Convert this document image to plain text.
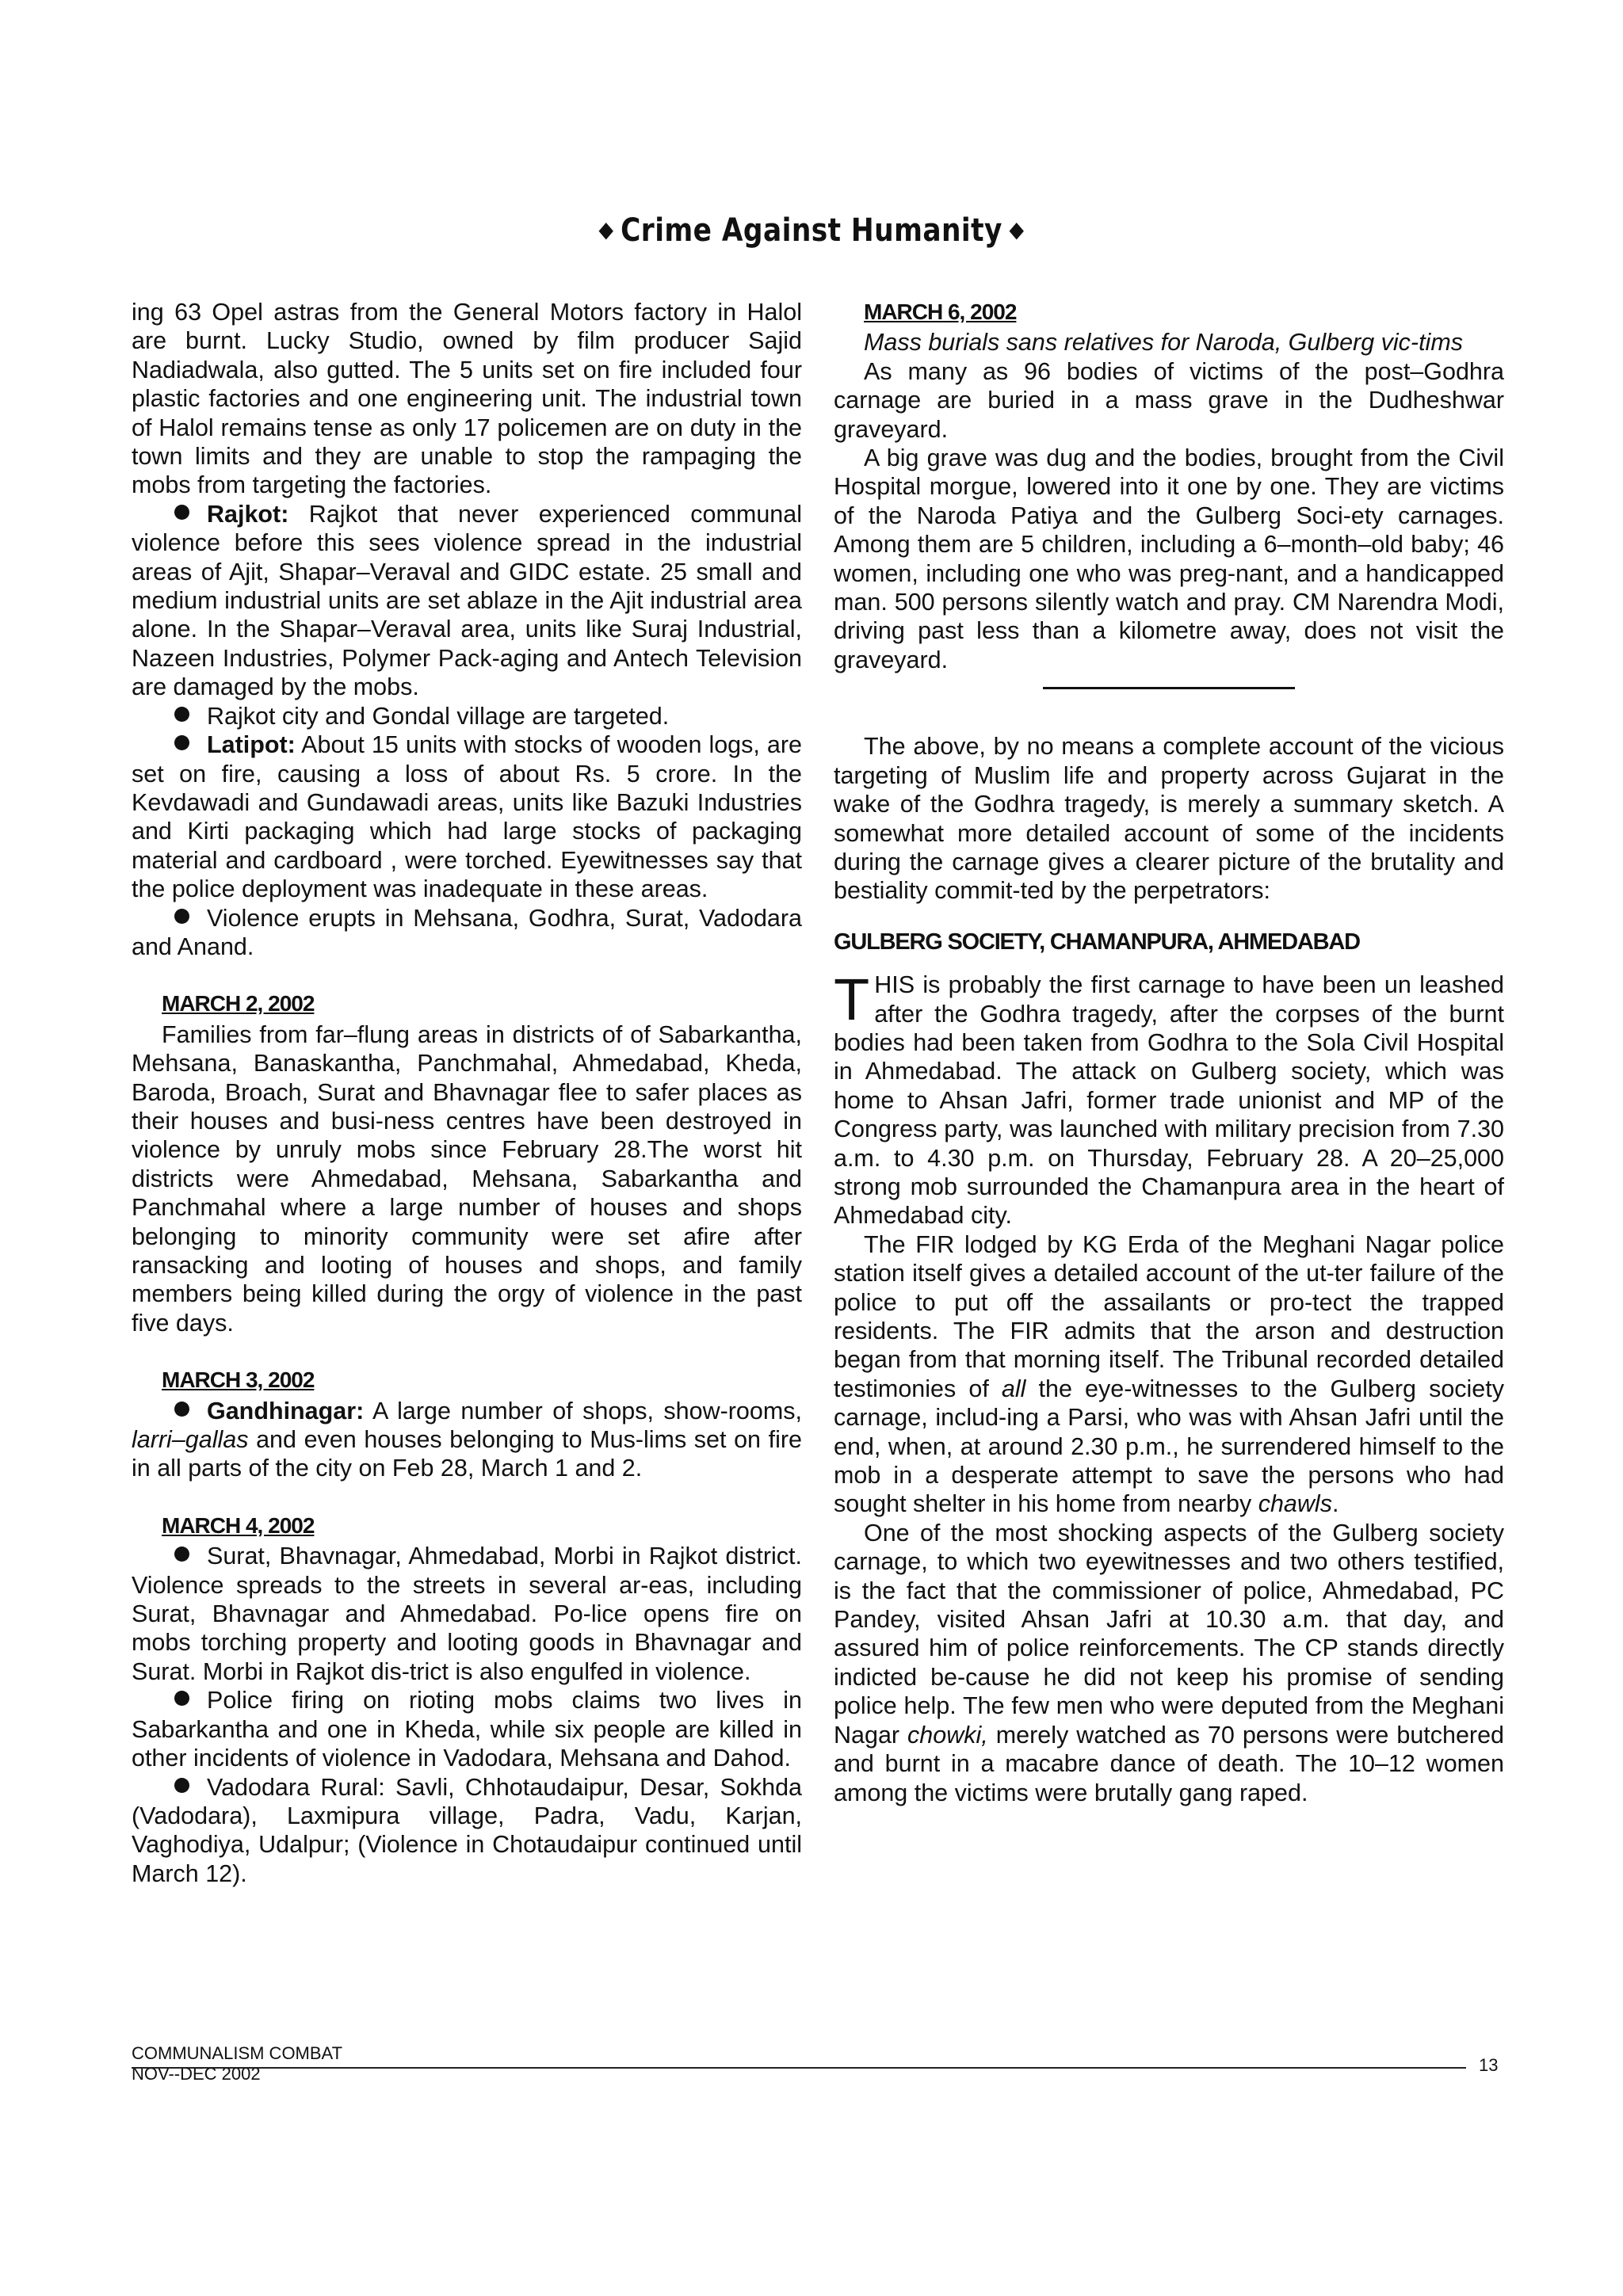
◆ Crime Against Humanity ◆

ing 63 Opel astras from the General Motors factory in Halol are burnt. Lucky Studio, owned by film producer Sajid Nadiadwala, also gutted. The 5 units set on fire included four plastic factories and one engineering unit. The industrial town of Halol remains tense as only 17 policemen are on duty in the town limits and they are unable to stop the rampaging the mobs from targeting the factories.

Rajkot: Rajkot that never experienced communal violence before this sees violence spread in the industrial areas of Ajit, Shapar–Veraval and GIDC estate. 25 small and medium industrial units are set ablaze in the Ajit industrial area alone. In the Shapar–Veraval area, units like Suraj Industrial, Nazeen Industries, Polymer Pack-aging and Antech Television are damaged by the mobs.

Rajkot city and Gondal village are targeted.

Latipot: About 15 units with stocks of wooden logs, are set on fire, causing a loss of about Rs. 5 crore. In the Kevdawadi and Gundawadi areas, units like Bazuki Industries and Kirti packaging which had large stocks of packaging material and cardboard , were torched. Eyewitnesses say that the police deployment was inadequate in these areas.

Violence erupts in Mehsana, Godhra, Surat, Vadodara and Anand.

MARCH 2, 2002

Families from far–flung areas in districts of of Sabarkantha, Mehsana, Banaskantha, Panchmahal, Ahmedabad, Kheda, Baroda, Broach, Surat and Bhavnagar flee to safer places as their houses and busi-ness centres have been destroyed in violence by unruly mobs since February 28.The worst hit districts were Ahmedabad, Mehsana, Sabarkantha and Panchmahal where a large number of houses and shops belonging to minority community were set afire after ransacking and looting of houses and shops, and family members being killed during the orgy of violence in the past five days.

MARCH 3, 2002

Gandhinagar: A large number of shops, show-rooms, larri–gallas and even houses belonging to Mus-lims set on fire in all parts of the city on Feb 28, March 1 and 2.

MARCH 4, 2002

Surat, Bhavnagar, Ahmedabad, Morbi in Rajkot district. Violence spreads to the streets in several ar-eas, including Surat, Bhavnagar and Ahmedabad. Po-lice opens fire on mobs torching property and looting goods in Bhavnagar and Surat. Morbi in Rajkot dis-trict is also engulfed in violence.

Police firing on rioting mobs claims two lives in Sabarkantha and one in Kheda, while six people are killed in other incidents of violence in Vadodara, Mehsana and Dahod.

Vadodara Rural: Savli, Chhotaudaipur, Desar, Sokhda (Vadodara), Laxmipura village, Padra, Vadu, Karjan, Vaghodiya, Udalpur; (Violence in Chotaudaipur continued until March 12).

MARCH 6, 2002

Mass burials sans relatives for Naroda, Gulberg vic-tims

As many as 96 bodies of victims of the post–Godhra carnage are buried in a mass grave in the Dudheshwar graveyard.

A big grave was dug and the bodies, brought from the Civil Hospital morgue, lowered into it one by one. They are victims of the Naroda Patiya and the Gulberg Soci-ety carnages. Among them are 5 children, including a 6–month–old baby; 46 women, including one who was preg-nant, and a handicapped man. 500 persons silently watch and pray. CM Narendra Modi, driving past less than a kilometre away, does not visit the graveyard.

The above, by no means a complete account of the vicious targeting of Muslim life and property across Gujarat in the wake of the Godhra tragedy, is merely a summary sketch. A somewhat more detailed account of some of the incidents during the carnage gives a clearer picture of the brutality and bestiality commit-ted by the perpetrators:

GULBERG SOCIETY, CHAMANPURA, AHMEDABAD

THIS is probably the first carnage to have been un leashed after the Godhra tragedy, after the corpses of the burnt bodies had been taken from Godhra to the Sola Civil Hospital in Ahmedabad. The attack on Gulberg society, which was home to Ahsan Jafri, former trade unionist and MP of the Congress party, was launched with military precision from 7.30 a.m. to 4.30 p.m. on Thursday, February 28. A 20–25,000 strong mob surrounded the Chamanpura area in the heart of Ahmedabad city.

The FIR lodged by KG Erda of the Meghani Nagar police station itself gives a detailed account of the ut-ter failure of the police to put off the assailants or pro-tect the trapped residents. The FIR admits that the arson and destruction began from that morning itself. The Tribunal recorded detailed testimonies of all the eye-witnesses to the Gulberg society carnage, includ-ing a Parsi, who was with Ahsan Jafri until the end, when, at around 2.30 p.m., he surrendered himself to the mob in a desperate attempt to save the persons who had sought shelter in his home from nearby chawls.

One of the most shocking aspects of the Gulberg society carnage, to which two eyewitnesses and two others testified, is the fact that the commissioner of police, Ahmedabad, PC Pandey, visited Ahsan Jafri at 10.30 a.m. that day, and assured him of police reinforcements. The CP stands directly indicted be-cause he did not keep his promise of sending police help. The few men who were deputed from the Meghani Nagar chowki, merely watched as 70 persons were butchered and burnt in a macabre dance of death. The 10–12 women among the victims were brutally gang raped.

COMMUNALISM COMBAT
NOV--DEC 2002	13
